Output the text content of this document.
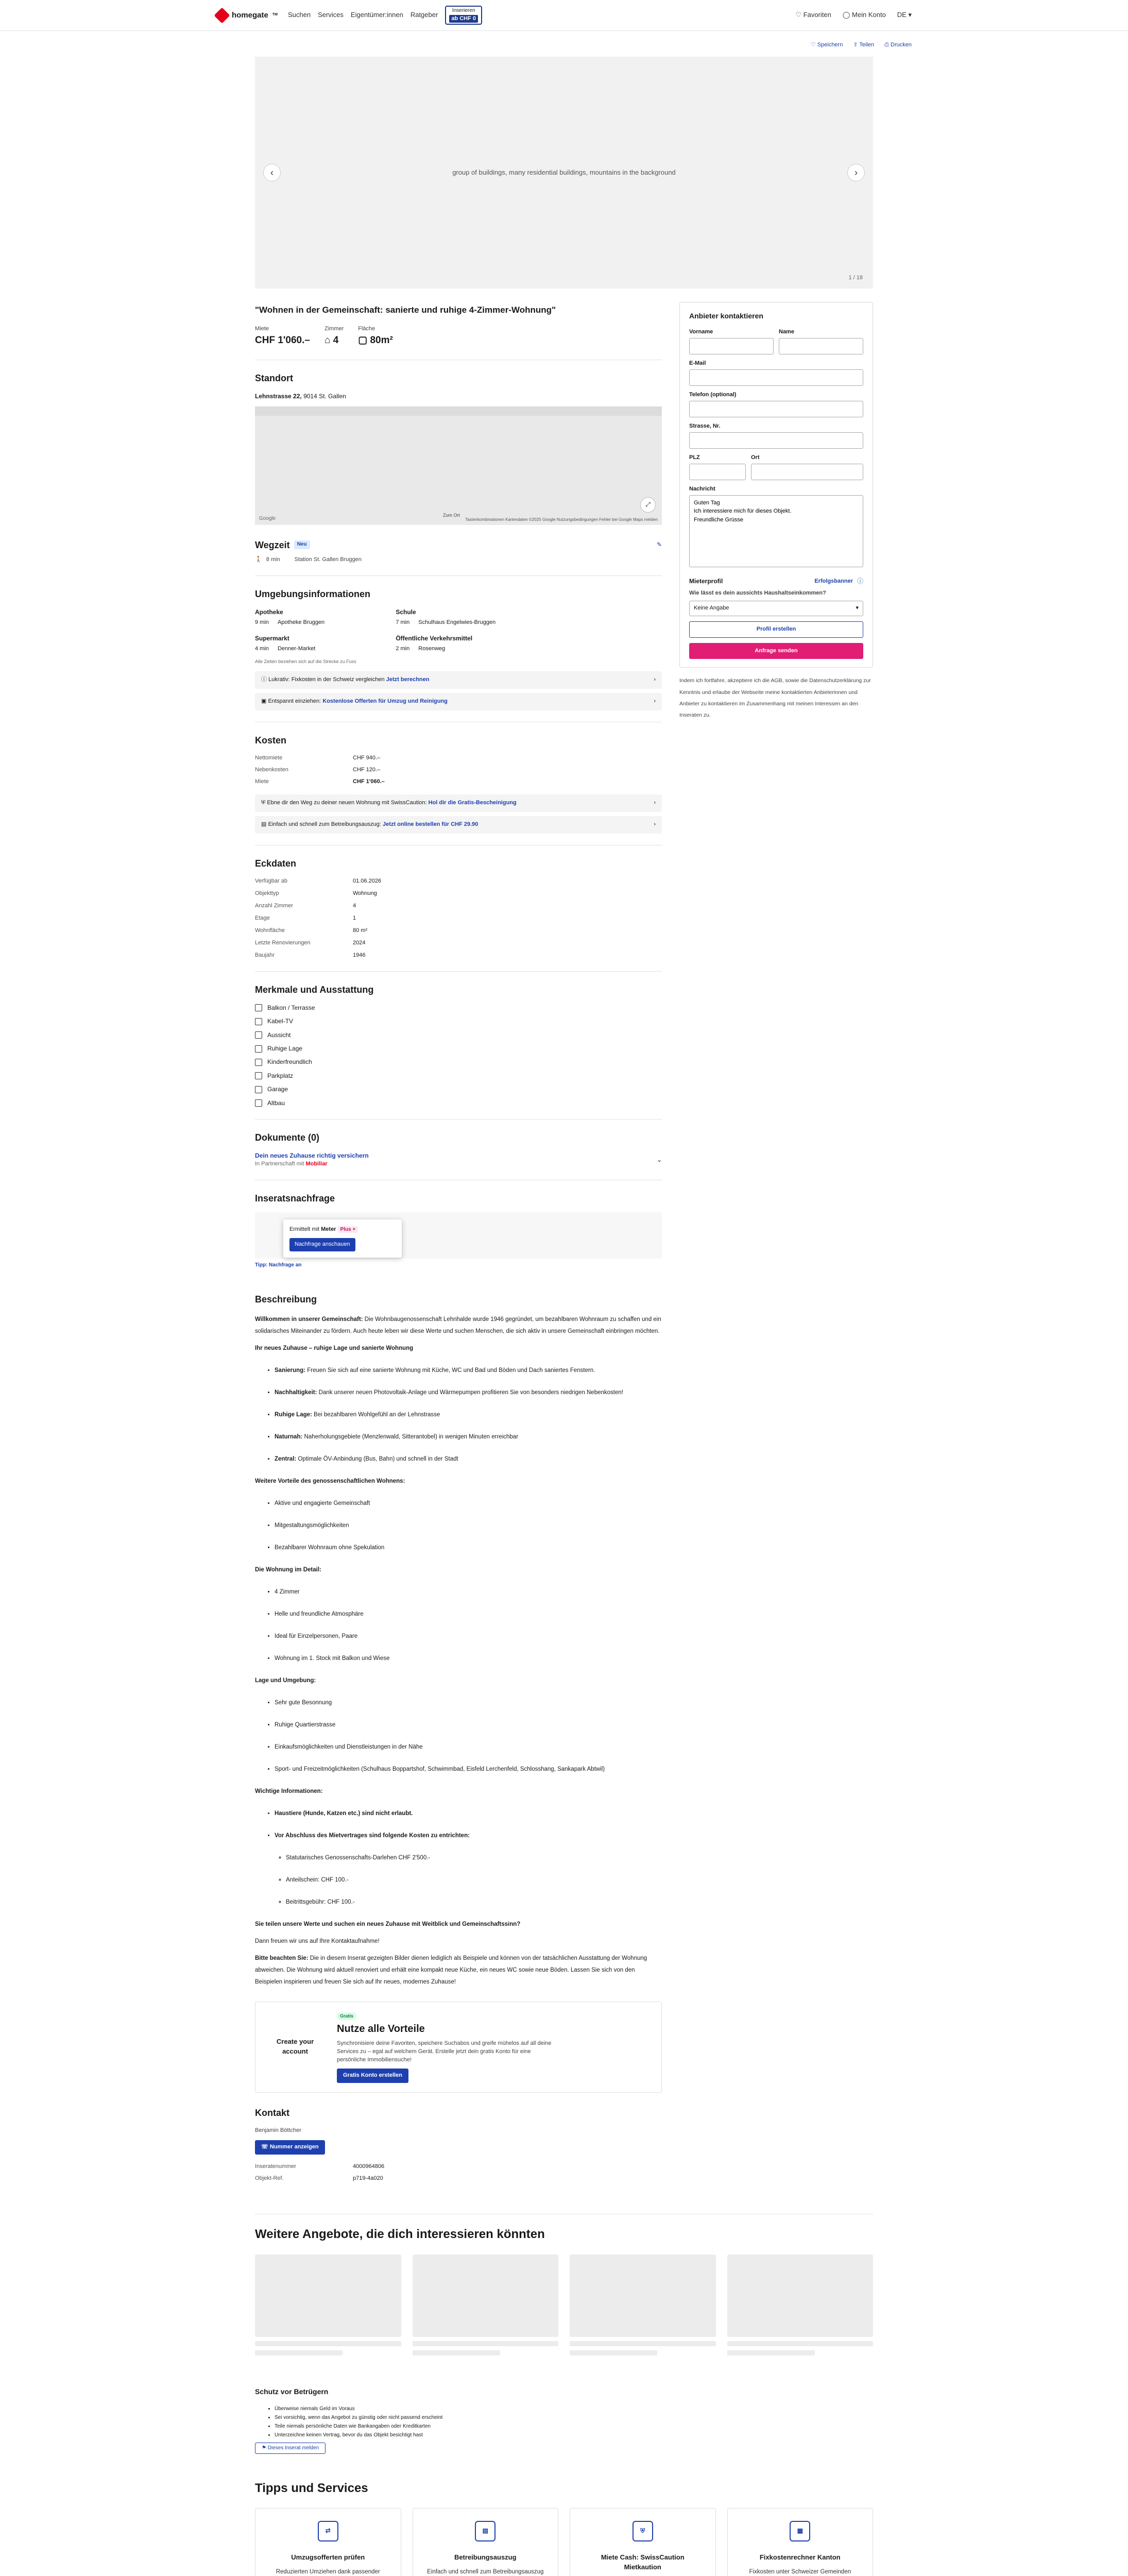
homegate TM Suchen Services Eigentümer:innen Ratgeber
Inserieren
ab CHF 0	♡ Favoriten ◯ Mein Konto DE ▾
♡ Speichern ⇪ Teilen ⎙ Drucken
group of buildings, many residential buildings, mountains in the background
‹	›
1 / 18
"Wohnen in der Gemeinschaft: sanierte und ruhige 4-Zimmer-Wohnung"
Miete
CHF 1'060.–
Zimmer
⌂ 4
Fläche
▢ 80m²
Standort
Lehnstrasse 22, 9014 St. Gallen
Zum Ort
⤢
Google	Tastenkombinationen Kartendaten ©2025 Google Nutzungsbedingungen Fehler bei Google Maps melden
Wegzeit	Neu	✎
🚶 8 min	Station St. Gallen Bruggen
Umgebungsinformationen
Apotheke
9 min Apotheke Bruggen
Schule
7 min Schulhaus Engelwies-Bruggen
Supermarkt
4 min Denner-Market
Öffentliche Verkehrsmittel
2 min Rosenweg
Alle Zeiten beziehen sich auf die Strecke zu Fuss
ⓘ Lukrativ: Fixkosten in der Schweiz vergleichen Jetzt berechnen	›
▣ Entspannt einziehen: Kostenlose Offerten für Umzug und Reinigung	›
Kosten
Nettomiete	CHF 940.–
Nebenkosten	CHF 120.–
Miete	CHF 1'060.–
⛨ Ebne dir den Weg zu deiner neuen Wohnung mit SwissCaution: Hol dir die Gratis-Bescheinigung	›
▤ Einfach und schnell zum Betreibungsauszug: Jetzt online bestellen für CHF 29.90	›
Eckdaten
Verfügbar ab	01.06.2026
Objekttyp	Wohnung
Anzahl Zimmer	4
Etage	1
Wohnfläche	80 m²
Letzte Renovierungen	2024
Baujahr	1946
Merkmale und Ausstattung
Balkon / Terrasse
Kabel-TV
Aussicht
Ruhige Lage
Kinderfreundlich
Parkplatz
Garage
Altbau
Dokumente (0)
Dein neues Zuhause richtig versichern
In Partnerschaft mit Mobiliar
⌄
Inseratsnachfrage
Tipp: Nachfrage an
Ermittelt mit Meter Plus +
Nachfrage anschauen
Beschreibung

Willkommen in unserer Gemeinschaft: Die Wohnbaugenossenschaft Lehnhalde wurde 1946 gegründet, um bezahlbaren Wohnraum zu schaffen und ein solidarisches Miteinander zu fördern. Auch heute leben wir diese Werte und suchen Menschen, die sich aktiv in unsere Gemeinschaft einbringen möchten.

Ihr neues Zuhause – ruhige Lage und sanierte Wohnung

• Sanierung: Freuen Sie sich auf eine sanierte Wohnung mit Küche, WC und Bad und Böden und Dach saniertes Fenstern.
• Nachhaltigkeit: Dank unserer neuen Photovoltaik-Anlage und Wärmepumpen profitieren Sie von besonders niedrigen Nebenkosten!
• Ruhige Lage: Bei bezahlbaren Wohlgefühl an der Lehnstrasse
• Naturnah: Naherholungsgebiete (Menzlenwald, Sitterantobel) in wenigen Minuten erreichbar
• Zentral: Optimale ÖV-Anbindung (Bus, Bahn) und schnell in der Stadt

Weitere Vorteile des genossenschaftlichen Wohnens:

• Aktive und engagierte Gemeinschaft
• Mitgestaltungsmöglichkeiten
• Bezahlbarer Wohnraum ohne Spekulation

Die Wohnung im Detail:

• 4 Zimmer
• Helle und freundliche Atmosphäre
• Ideal für Einzelpersonen, Paare
• Wohnung im 1. Stock mit Balkon und Wiese

Lage und Umgebung:

• Sehr gute Besonnung
• Ruhige Quartierstrasse
• Einkaufsmöglichkeiten und Dienstleistungen in der Nähe
• Sport- und Freizeitmöglichkeiten (Schulhaus Boppartshof, Schwimmbad, Eisfeld Lerchenfeld, Schlosshang, Sankapark Abtwil)

Wichtige Informationen:

• Haustiere (Hunde, Katzen etc.) sind nicht erlaubt.
• Vor Abschluss des Mietvertrages sind folgende Kosten zu entrichten:
◦ Statutarisches Genossenschafts-Darlehen CHF 2'500.-
◦ Anteilschein: CHF 100.-
◦ Beitrittsgebühr: CHF 100.-

Sie teilen unsere Werte und suchen ein neues Zuhause mit Weitblick und Gemeinschaftssinn?

Dann freuen wir uns auf Ihre Kontaktaufnahme!

Bitte beachten Sie: Die in diesem Inserat gezeigten Bilder dienen lediglich als Beispiele und können von der tatsächlichen Ausstattung der Wohnung abweichen. Die Wohnung wird aktuell renoviert und erhält eine kompakt neue Küche, ein neues WC sowie neue Böden. Lassen Sie sich von den Beispielen inspirieren und freuen Sie sich auf Ihr neues, modernes Zuhause!

Create your account
Gratis
Nutze alle Vorteile

Synchronisiere deine Favoriten, speichere Suchabos und greife mühelos auf all deine Services zu – egal auf welchem Gerät. Erstelle jetzt dein gratis Konto für eine persönliche Immobiliensuche!

Gratis Konto erstellen
Kontakt
Benjamin Böttcher
☏ Nummer anzeigen
Inseratenummer	4000964806
Objekt-Ref.	p719-4a020
Anbieter kontaktieren
Vorname	Name
E-Mail
Telefon (optional)
Strasse, Nr.
PLZ	Ort
Nachricht
Guten Tag Ich interessiere mich für dieses Objekt. Freundliche Grüsse
Mieterprofil	Erfolgsbanner ⓘ
Wie lässt es dein aussichts Haushaltseinkommen?
Keine Angabe	▾
Profil erstellen
Anfrage senden

Indem ich fortfahre, akzeptiere ich die AGB, sowie die Datenschutzerklärung zur Kenntnis und erlaube der Webseite meine kontaktierten Anbieterinnen und Anbieter zu kontaktieren im Zusammenhang mit meinen Interessen an den Inseraten zu.

Weitere Angebote, die dich interessieren könnten
Schutz vor Betrügern
• Überweise niemals Geld im Voraus
• Sei vorsichtig, wenn das Angebot zu günstig oder nicht passend erscheint
• Teile niemals persönliche Daten wie Bankangaben oder Kreditkarten
• Unterzeichne keinen Vertrag, bevor du das Objekt besichtigt hast
⚑ Dieses Inserat melden
Tipps und Services
⇄
Umzugsofferten prüfen

Reduzierten Umziehen dank passender

▤
Betreibungsauszug

Einfach und schnell zum Betreibungsauszug

⛨
Miete Cash: SwissCaution Mietkaution

▦
Fixkostenrechner Kanton

Fixkosten unter Schweizer Gemeinden
